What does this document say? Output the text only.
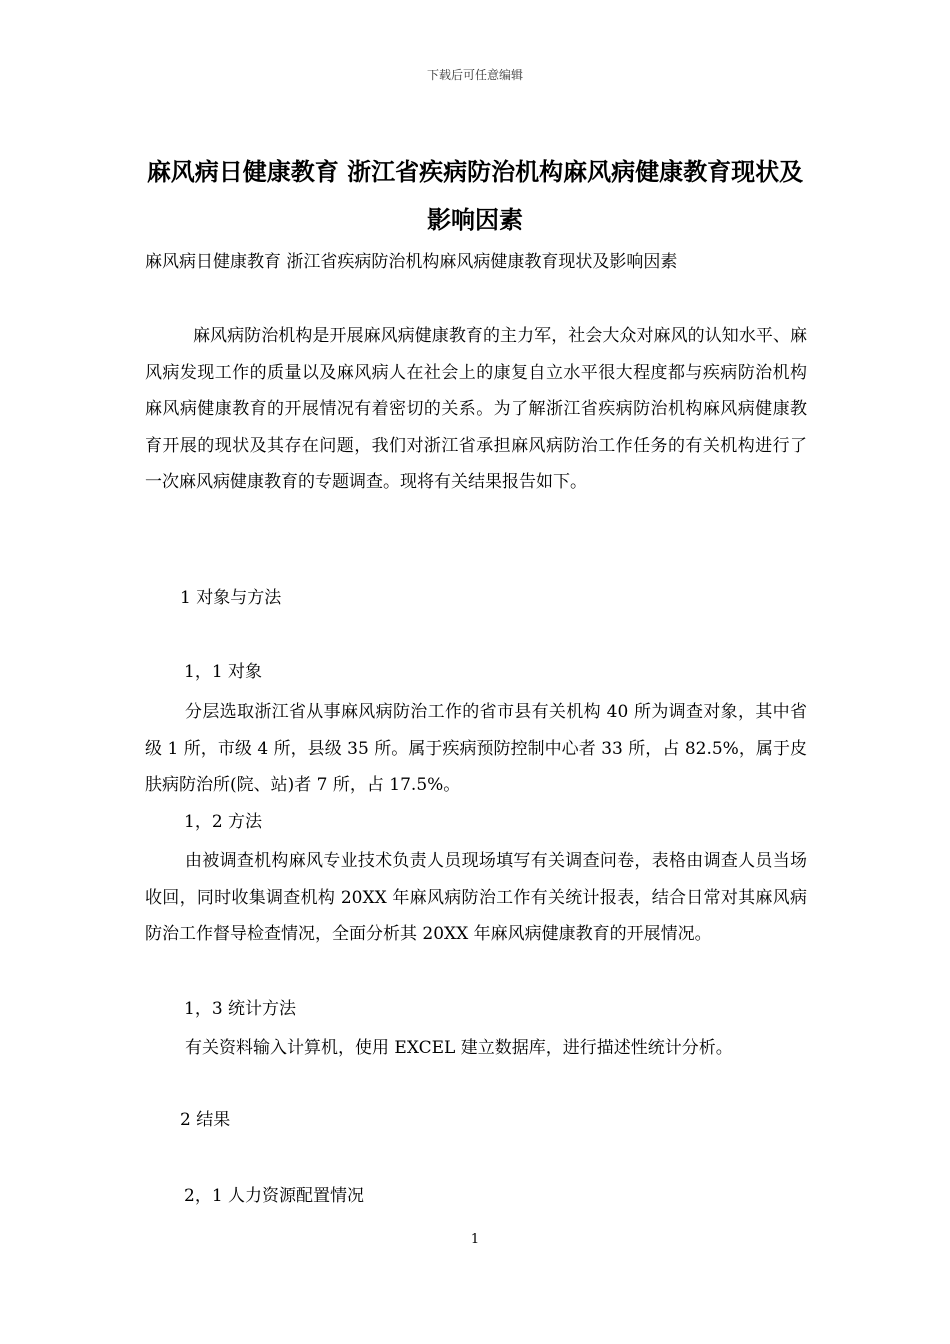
下载后可任意编辑
麻风病日健康教育 浙江省疾病防治机构麻风病健康教育现状及影响因素

麻风病日健康教育 浙江省疾病防治机构麻风病健康教育现状及影响因素

麻风病防治机构是开展麻风病健康教育的主力军，社会大众对麻风的认知水平、麻风病发现工作的质量以及麻风病人在社会上的康复自立水平很大程度都与疾病防治机构麻风病健康教育的开展情况有着密切的关系。为了解浙江省疾病防治机构麻风病健康教育开展的现状及其存在问题，我们对浙江省承担麻风病防治工作任务的有关机构进行了一次麻风病健康教育的专题调查。现将有关结果报告如下。

1 对象与方法

1，1 对象

分层选取浙江省从事麻风病防治工作的省市县有关机构 40 所为调查对象，其中省级 1 所，市级 4 所，县级 35 所。属于疾病预防控制中心者 33 所，占 82.5%，属于皮肤病防治所(院、站)者 7 所，占 17.5%。

1，2 方法

由被调查机构麻风专业技术负责人员现场填写有关调查问卷，表格由调查人员当场收回，同时收集调查机构 20XX 年麻风病防治工作有关统计报表，结合日常对其麻风病防治工作督导检查情况，全面分析其 20XX 年麻风病健康教育的开展情况。

1，3 统计方法

有关资料输入计算机，使用 EXCEL 建立数据库，进行描述性统计分析。

2 结果

2，1 人力资源配置情况

1
